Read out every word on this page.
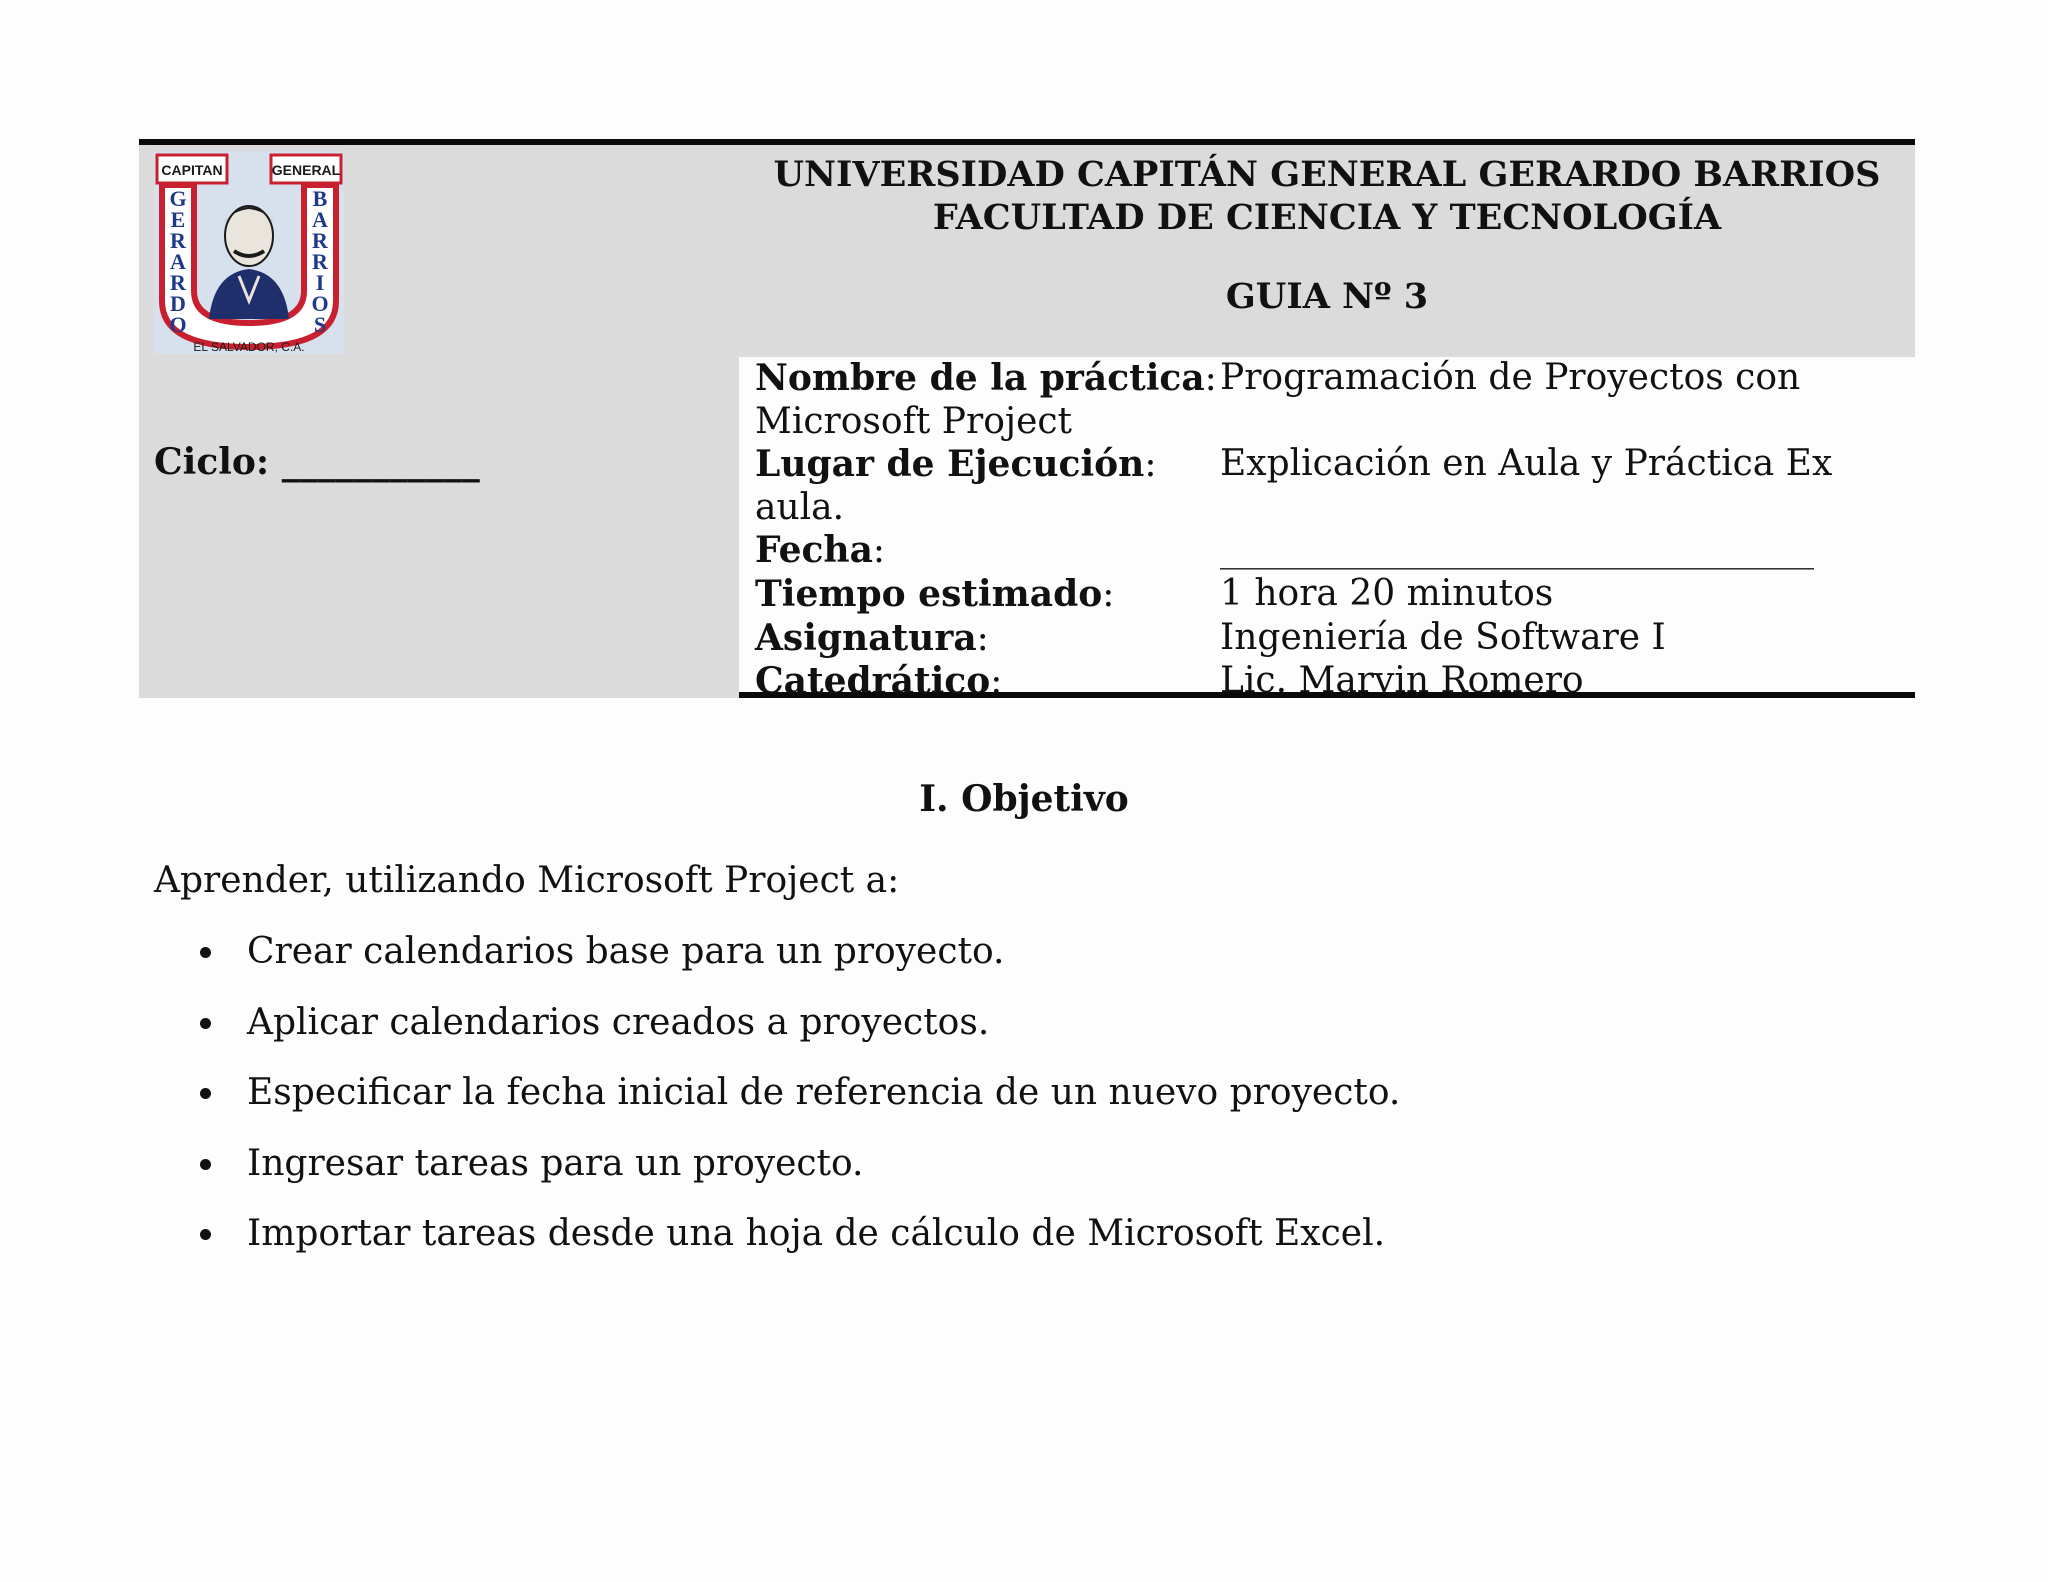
CAPITAN	GENERAL
G
E
R
A
R
D
O
B
A
R
R
I
O
S
EL SALVADOR, C.A.
UNIVERSIDAD CAPITÁN GENERAL GERARDO BARRIOS
FACULTAD DE CIENCIA Y TECNOLOGÍA
GUIA Nº 3
Ciclo: ___________
Nombre de la práctica: Programación de Proyectos con
Microsoft Project
Lugar de Ejecución: Explicación en Aula y Práctica Ex
aula.
Fecha:	_________________________________
Tiempo estimado:	1 hora 20 minutos
Asignatura:	Ingeniería de Software I
Catedrático:	Lic. Marvin Romero
I. Objetivo
Aprender, utilizando Microsoft Project a:
Crear calendarios base para un proyecto.
Aplicar calendarios creados a proyectos.
Especificar la fecha inicial de referencia de un nuevo proyecto.
Ingresar tareas para un proyecto.
Importar tareas desde una hoja de cálculo de Microsoft Excel.
